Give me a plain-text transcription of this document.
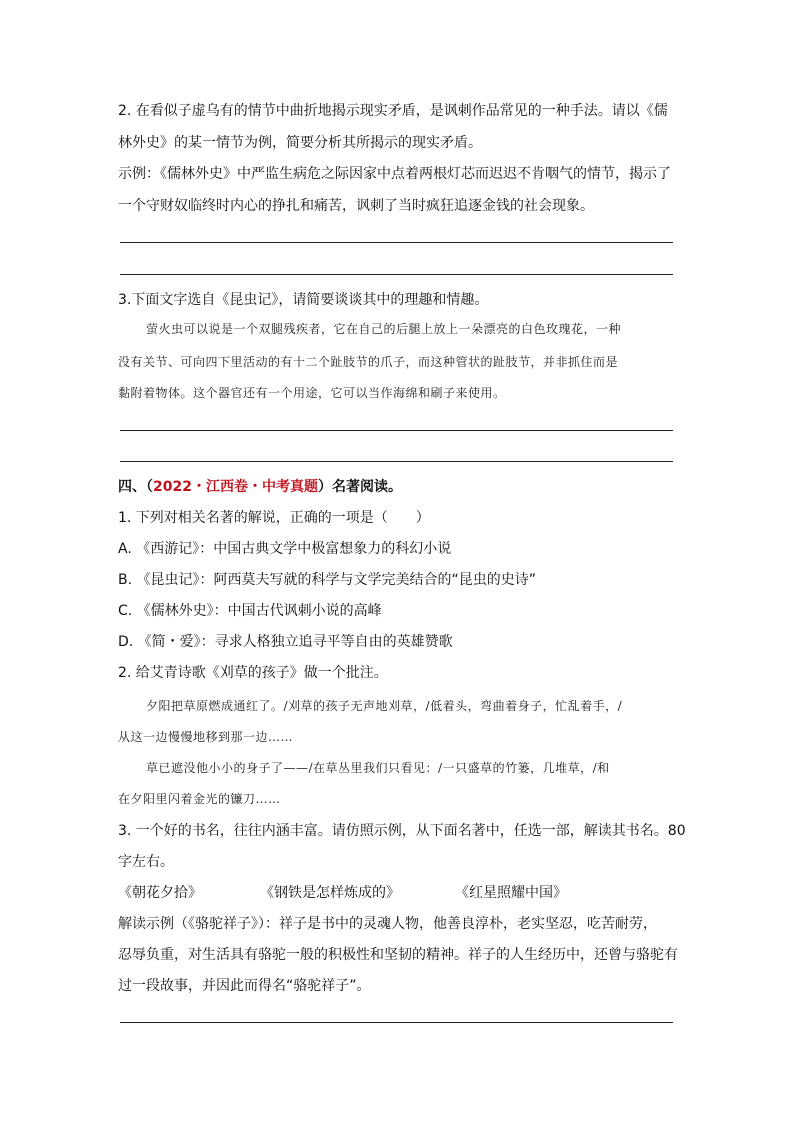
2. 在看似子虚乌有的情节中曲折地揭示现实矛盾，是讽刺作品常见的一种手法。请以《儒
林外史》的某一情节为例，简要分析其所揭示的现实矛盾。
示例：《儒林外史》中严监生病危之际因家中点着两根灯芯而迟迟不肯咽气的情节，揭示了
一个守财奴临终时内心的挣扎和痛苦，讽刺了当时疯狂追逐金钱的社会现象。
3.下面文字选自《昆虫记》，请简要谈谈其中的理趣和情趣。
萤火虫可以说是一个双腿残疾者，它在自己的后腿上放上一朵漂亮的白色玫瑰花，一种
没有关节、可向四下里活动的有十二个趾肢节的爪子，而这种管状的趾肢节，并非抓住而是
黏附着物体。这个器官还有一个用途，它可以当作海绵和刷子来使用。
四、（2022・江西卷・中考真题）名著阅读。
1. 下列对相关名著的解说，正确的一项是（　　）
A. 《西游记》：中国古典文学中极富想象力的科幻小说
B. 《昆虫记》：阿西莫夫写就的科学与文学完美结合的“昆虫的史诗”
C. 《儒林外史》：中国古代讽刺小说的高峰
D. 《简・爱》：寻求人格独立追寻平等自由的英雄赞歌
2. 给艾青诗歌《刈草的孩子》做一个批注。
夕阳把草原燃成通红了。/刈草的孩子无声地刈草，/低着头，弯曲着身子，忙乱着手，/
从这一边慢慢地移到那一边……
草已遮没他小小的身子了——/在草丛里我们只看见：/一只盛草的竹篓，几堆草，/和
在夕阳里闪着金光的镰刀……
3. 一个好的书名，往往内涵丰富。请仿照示例，从下面名著中，任选一部，解读其书名。80
字左右。
《朝花夕拾》	《钢铁是怎样炼成的》	《红星照耀中国》
解读示例（《骆驼祥子》）：祥子是书中的灵魂人物，他善良淳朴，老实坚忍，吃苦耐劳，
忍辱负重，对生活具有骆驼一般的积极性和坚韧的精神。祥子的人生经历中，还曾与骆驼有
过一段故事，并因此而得名“骆驼祥子”。
